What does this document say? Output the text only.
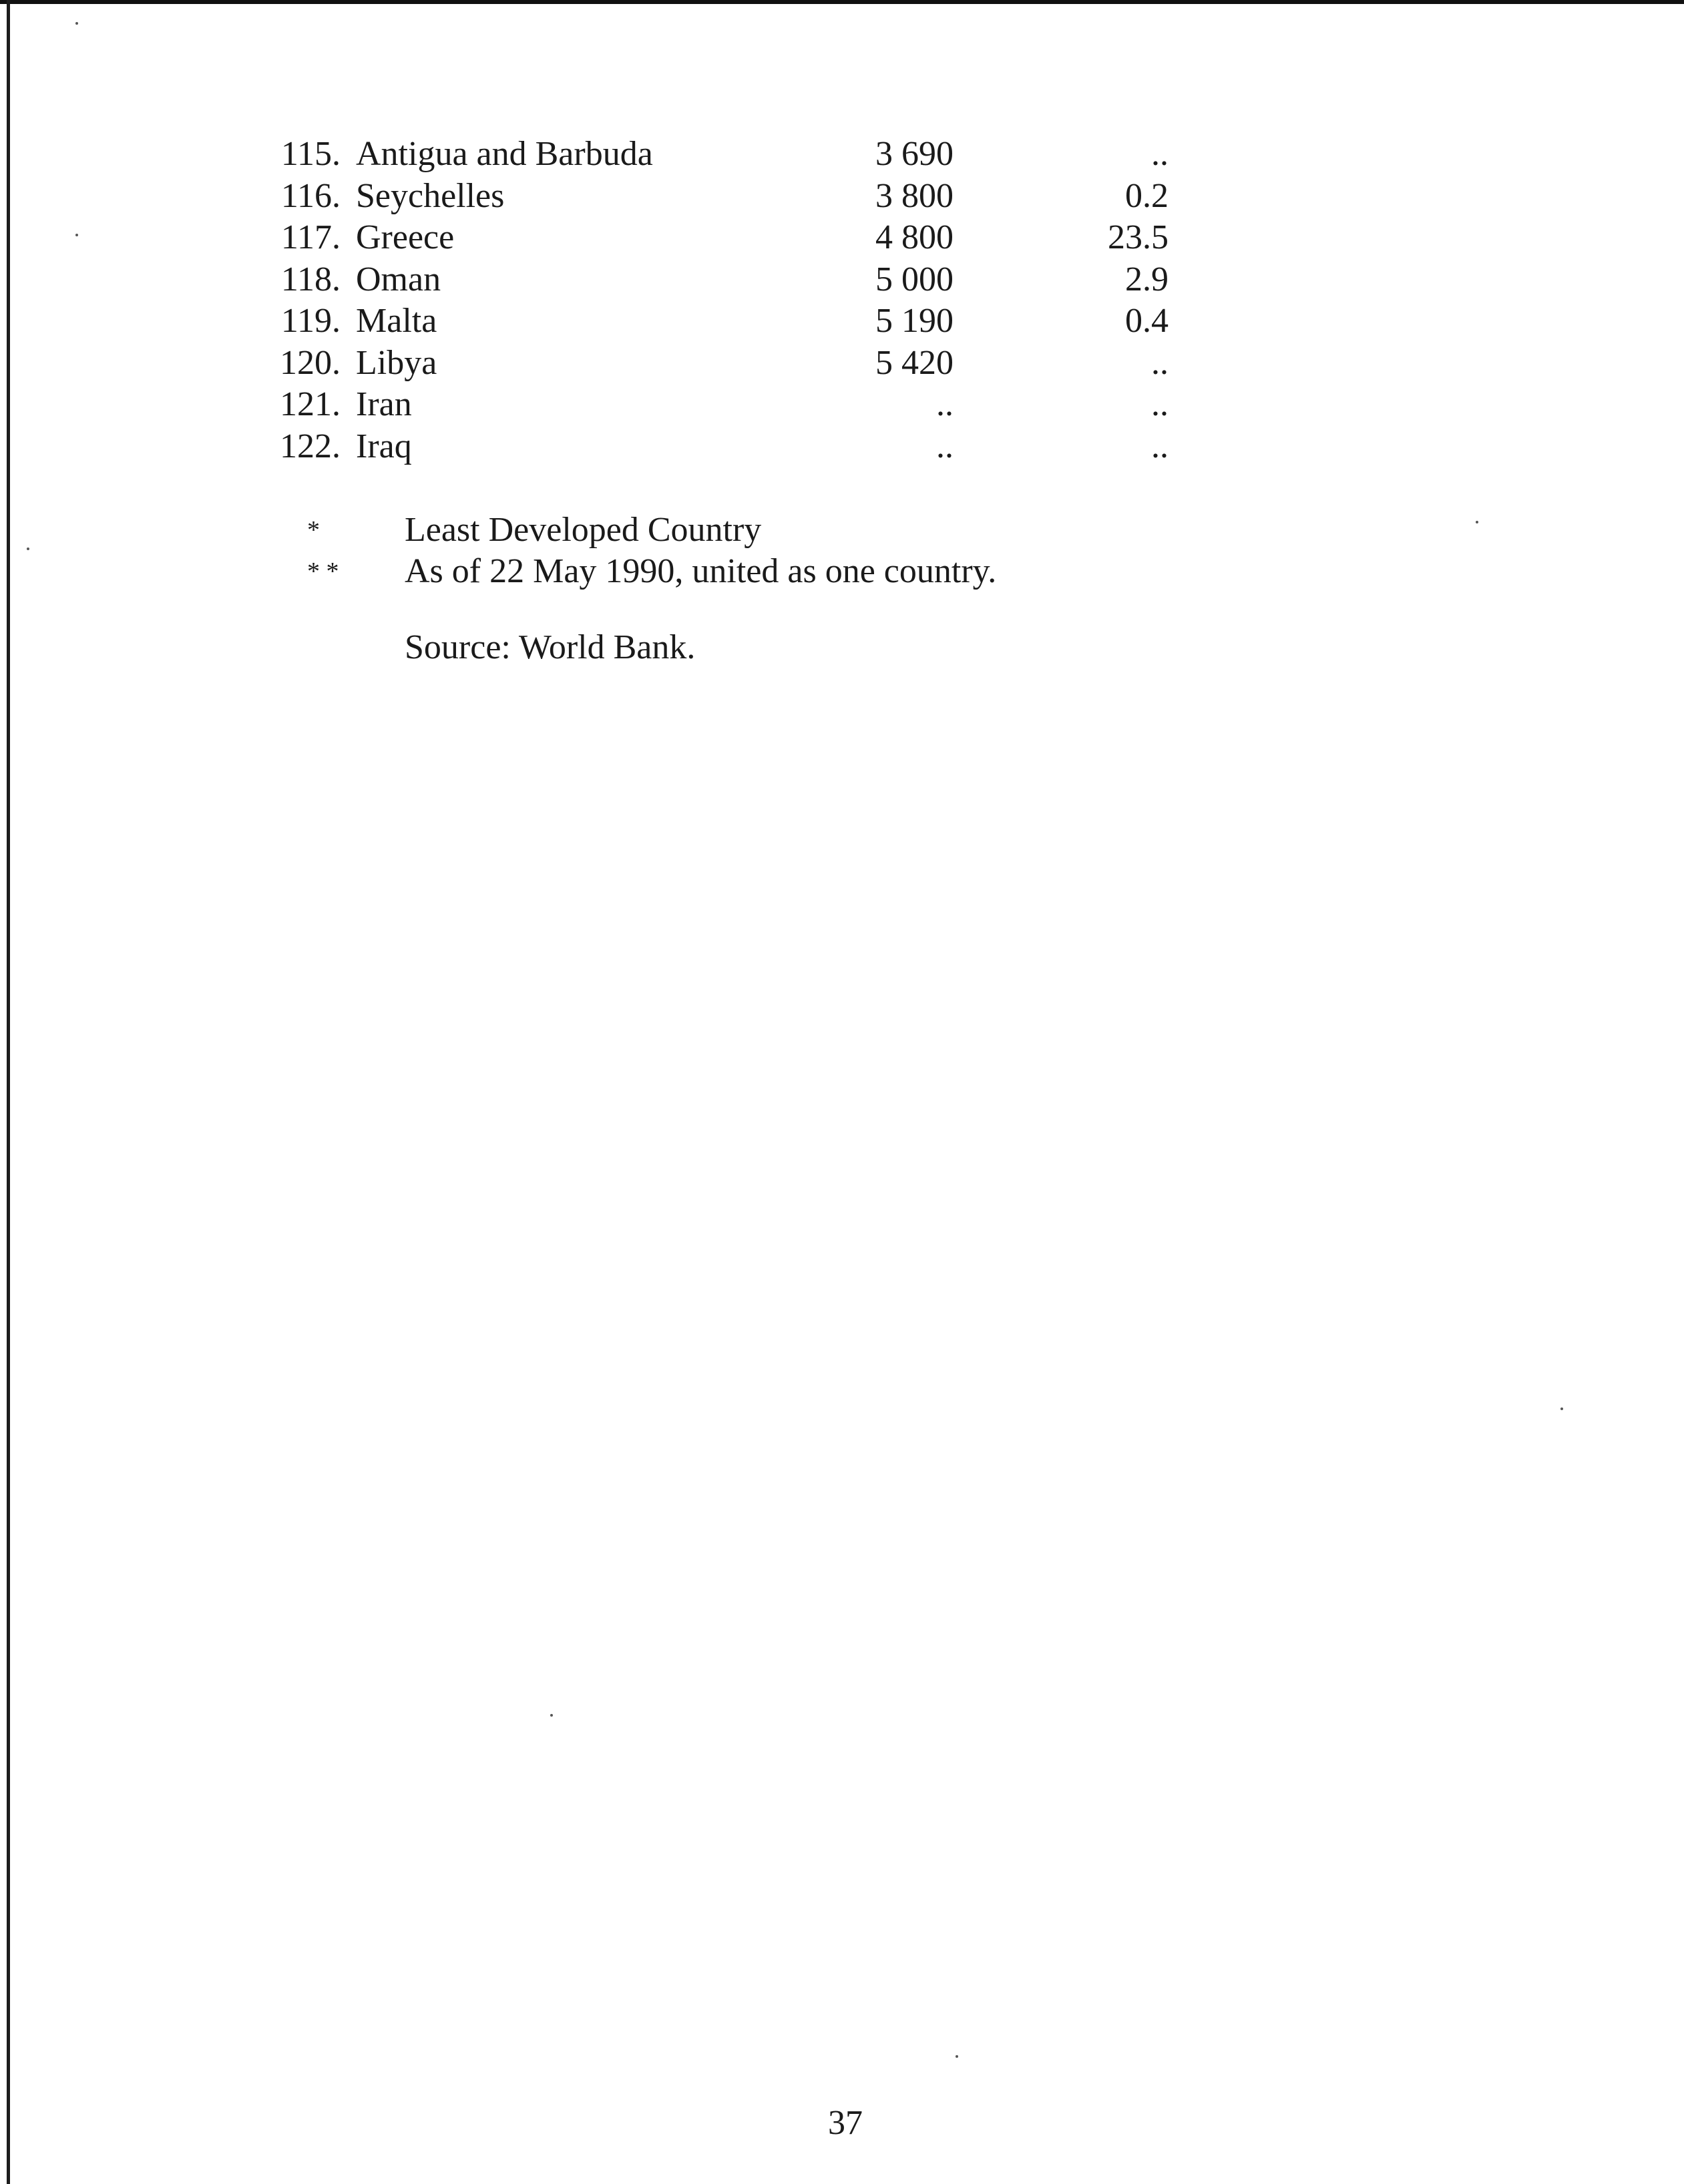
115. Antigua and Barbuda	3 690	..
116. Seychelles	3 800	0.2
117. Greece	4 800	23.5
118. Oman	5 000	2.9
119. Malta	5 190	0.4
120. Libya	5 420	..
121. Iran	..	..
122. Iraq	..	..
*	Least Developed Country
* *	As of 22 May 1990, united as one country.
Source: World Bank.
37
